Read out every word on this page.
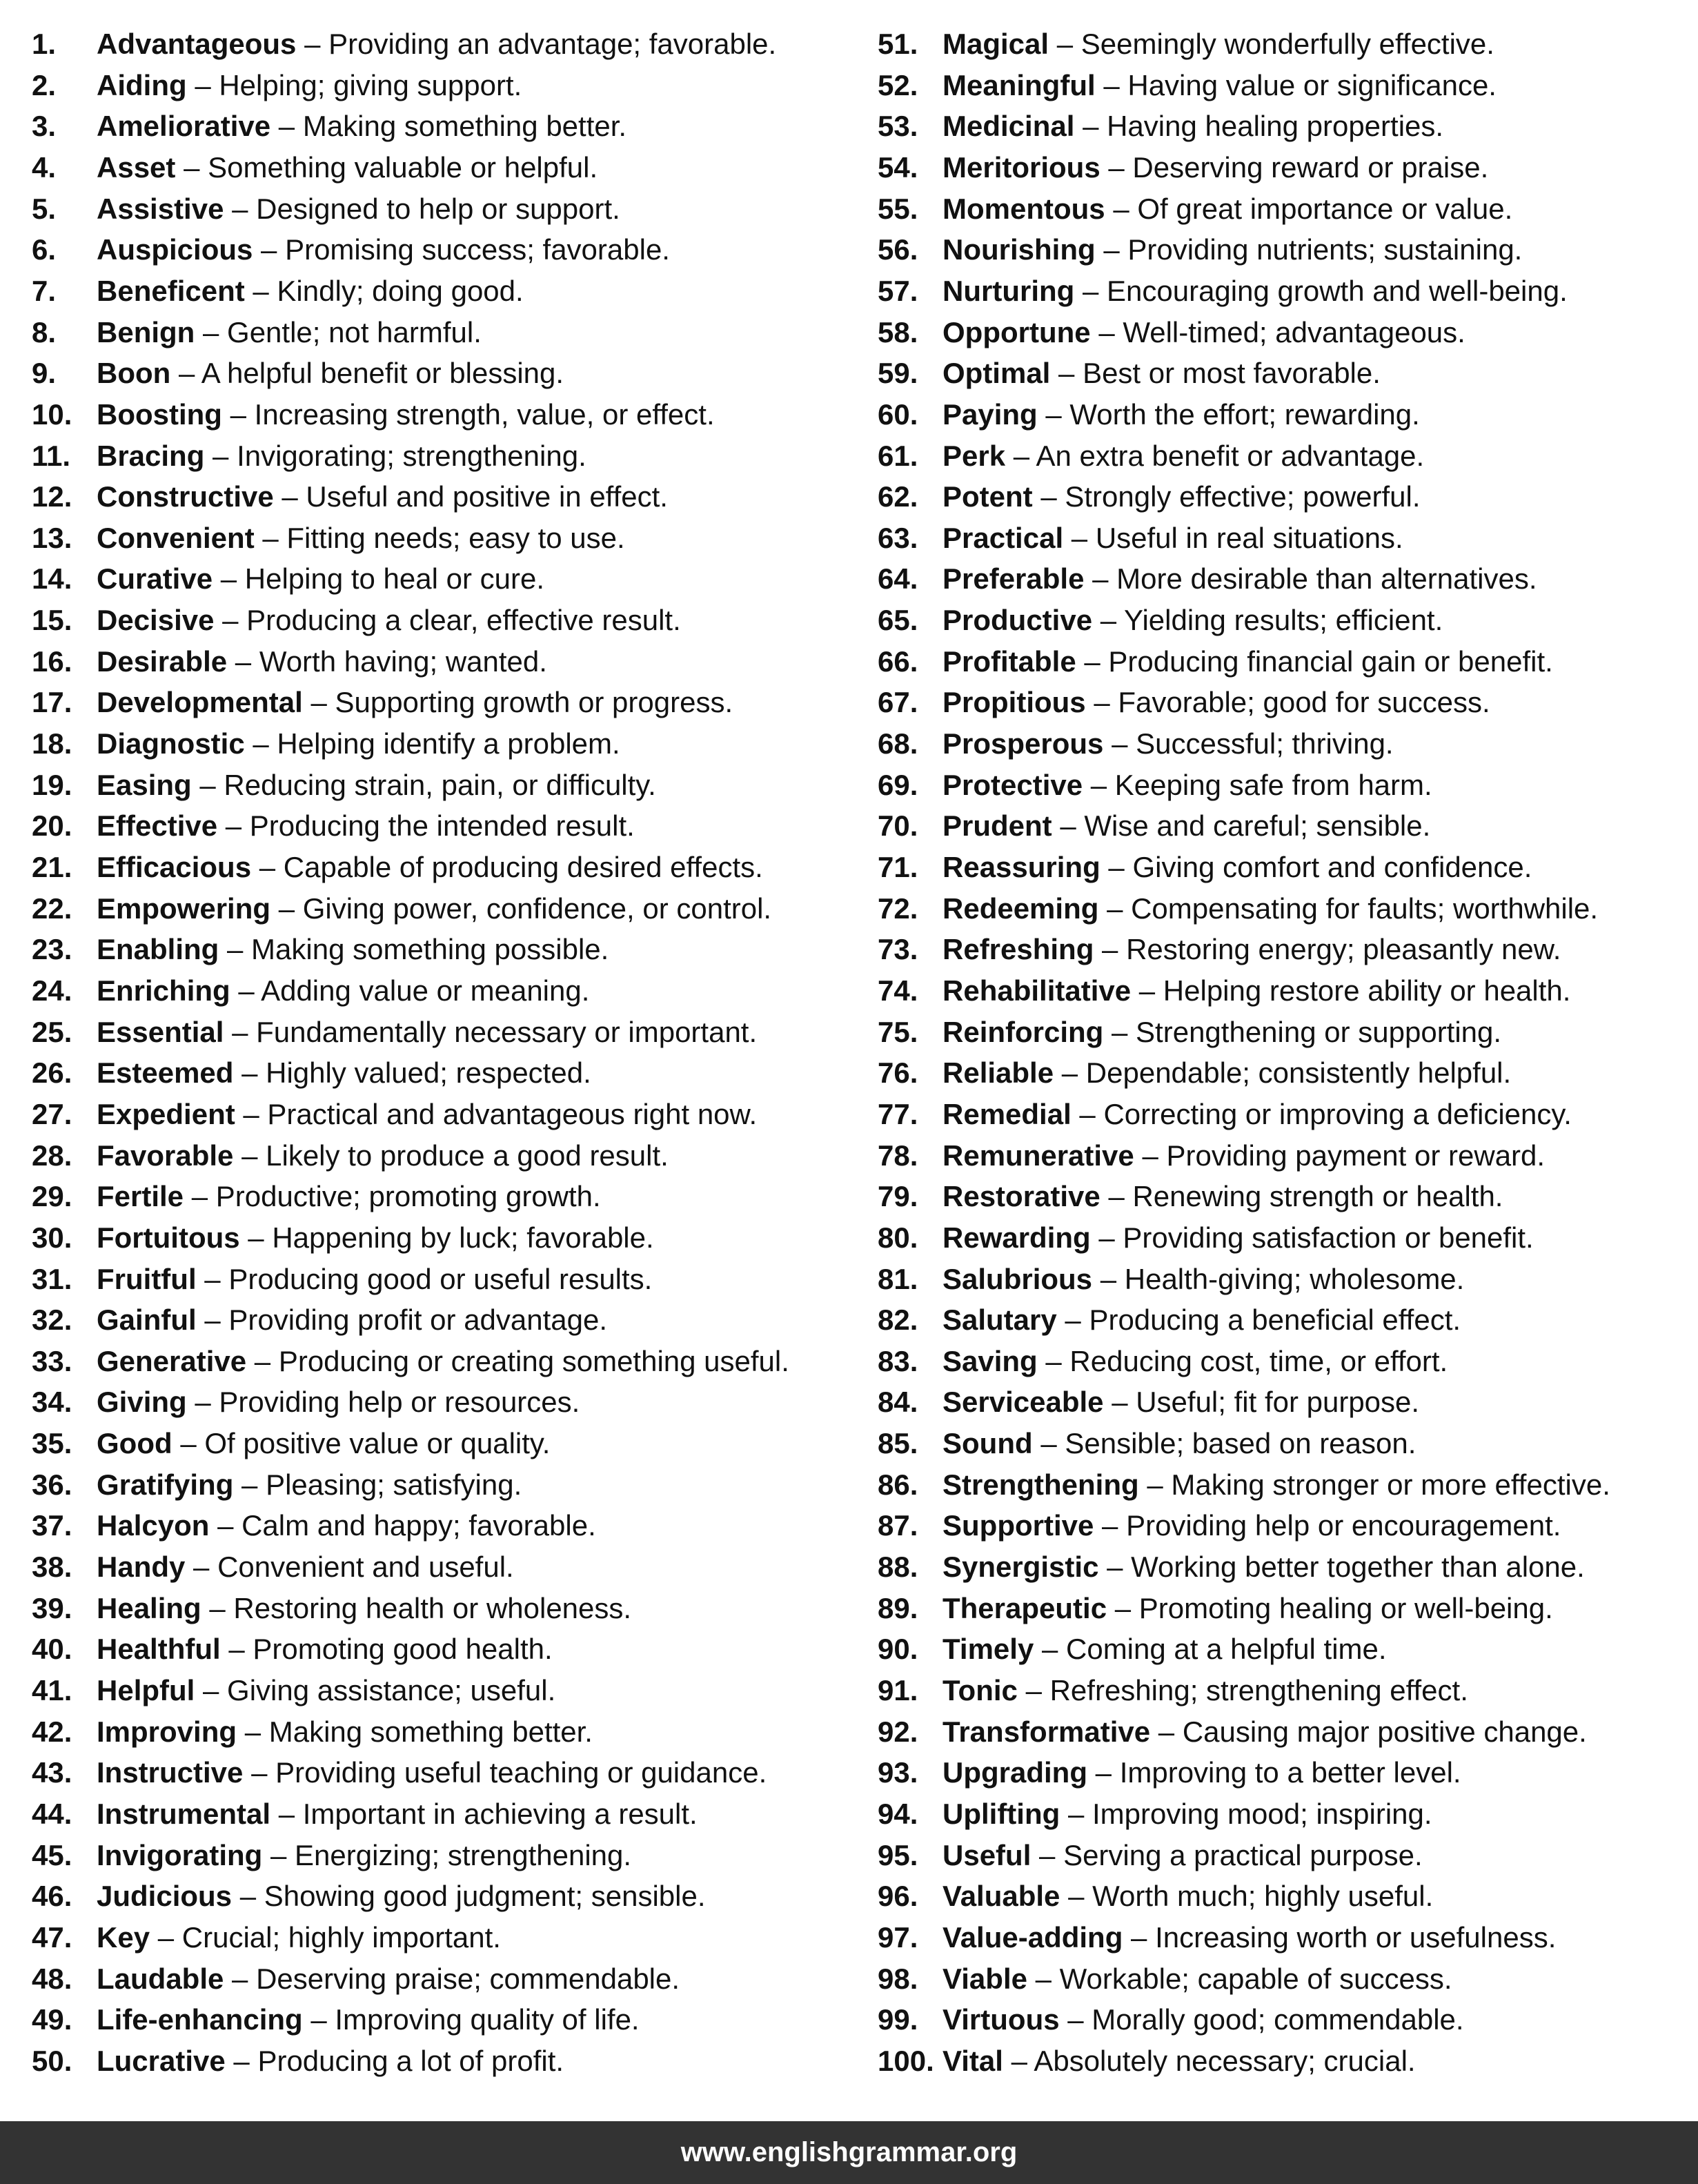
1. Advantageous – Providing an advantage; favorable.
2. Aiding – Helping; giving support.
3. Ameliorative – Making something better.
4. Asset – Something valuable or helpful.
5. Assistive – Designed to help or support.
6. Auspicious – Promising success; favorable.
7. Beneficent – Kindly; doing good.
8. Benign – Gentle; not harmful.
9. Boon – A helpful benefit or blessing.
10. Boosting – Increasing strength, value, or effect.
11. Bracing – Invigorating; strengthening.
12. Constructive – Useful and positive in effect.
13. Convenient – Fitting needs; easy to use.
14. Curative – Helping to heal or cure.
15. Decisive – Producing a clear, effective result.
16. Desirable – Worth having; wanted.
17. Developmental – Supporting growth or progress.
18. Diagnostic – Helping identify a problem.
19. Easing – Reducing strain, pain, or difficulty.
20. Effective – Producing the intended result.
21. Efficacious – Capable of producing desired effects.
22. Empowering – Giving power, confidence, or control.
23. Enabling – Making something possible.
24. Enriching – Adding value or meaning.
25. Essential – Fundamentally necessary or important.
26. Esteemed – Highly valued; respected.
27. Expedient – Practical and advantageous right now.
28. Favorable – Likely to produce a good result.
29. Fertile – Productive; promoting growth.
30. Fortuitous – Happening by luck; favorable.
31. Fruitful – Producing good or useful results.
32. Gainful – Providing profit or advantage.
33. Generative – Producing or creating something useful.
34. Giving – Providing help or resources.
35. Good – Of positive value or quality.
36. Gratifying – Pleasing; satisfying.
37. Halcyon – Calm and happy; favorable.
38. Handy – Convenient and useful.
39. Healing – Restoring health or wholeness.
40. Healthful – Promoting good health.
41. Helpful – Giving assistance; useful.
42. Improving – Making something better.
43. Instructive – Providing useful teaching or guidance.
44. Instrumental – Important in achieving a result.
45. Invigorating – Energizing; strengthening.
46. Judicious – Showing good judgment; sensible.
47. Key – Crucial; highly important.
48. Laudable – Deserving praise; commendable.
49. Life-enhancing – Improving quality of life.
50. Lucrative – Producing a lot of profit.
51. Magical – Seemingly wonderfully effective.
52. Meaningful – Having value or significance.
53. Medicinal – Having healing properties.
54. Meritorious – Deserving reward or praise.
55. Momentous – Of great importance or value.
56. Nourishing – Providing nutrients; sustaining.
57. Nurturing – Encouraging growth and well-being.
58. Opportune – Well-timed; advantageous.
59. Optimal – Best or most favorable.
60. Paying – Worth the effort; rewarding.
61. Perk – An extra benefit or advantage.
62. Potent – Strongly effective; powerful.
63. Practical – Useful in real situations.
64. Preferable – More desirable than alternatives.
65. Productive – Yielding results; efficient.
66. Profitable – Producing financial gain or benefit.
67. Propitious – Favorable; good for success.
68. Prosperous – Successful; thriving.
69. Protective – Keeping safe from harm.
70. Prudent – Wise and careful; sensible.
71. Reassuring – Giving comfort and confidence.
72. Redeeming – Compensating for faults; worthwhile.
73. Refreshing – Restoring energy; pleasantly new.
74. Rehabilitative – Helping restore ability or health.
75. Reinforcing – Strengthening or supporting.
76. Reliable – Dependable; consistently helpful.
77. Remedial – Correcting or improving a deficiency.
78. Remunerative – Providing payment or reward.
79. Restorative – Renewing strength or health.
80. Rewarding – Providing satisfaction or benefit.
81. Salubrious – Health-giving; wholesome.
82. Salutary – Producing a beneficial effect.
83. Saving – Reducing cost, time, or effort.
84. Serviceable – Useful; fit for purpose.
85. Sound – Sensible; based on reason.
86. Strengthening – Making stronger or more effective.
87. Supportive – Providing help or encouragement.
88. Synergistic – Working better together than alone.
89. Therapeutic – Promoting healing or well-being.
90. Timely – Coming at a helpful time.
91. Tonic – Refreshing; strengthening effect.
92. Transformative – Causing major positive change.
93. Upgrading – Improving to a better level.
94. Uplifting – Improving mood; inspiring.
95. Useful – Serving a practical purpose.
96. Valuable – Worth much; highly useful.
97. Value-adding – Increasing worth or usefulness.
98. Viable – Workable; capable of success.
99. Virtuous – Morally good; commendable.
100. Vital – Absolutely necessary; crucial.
www.englishgrammar.org
